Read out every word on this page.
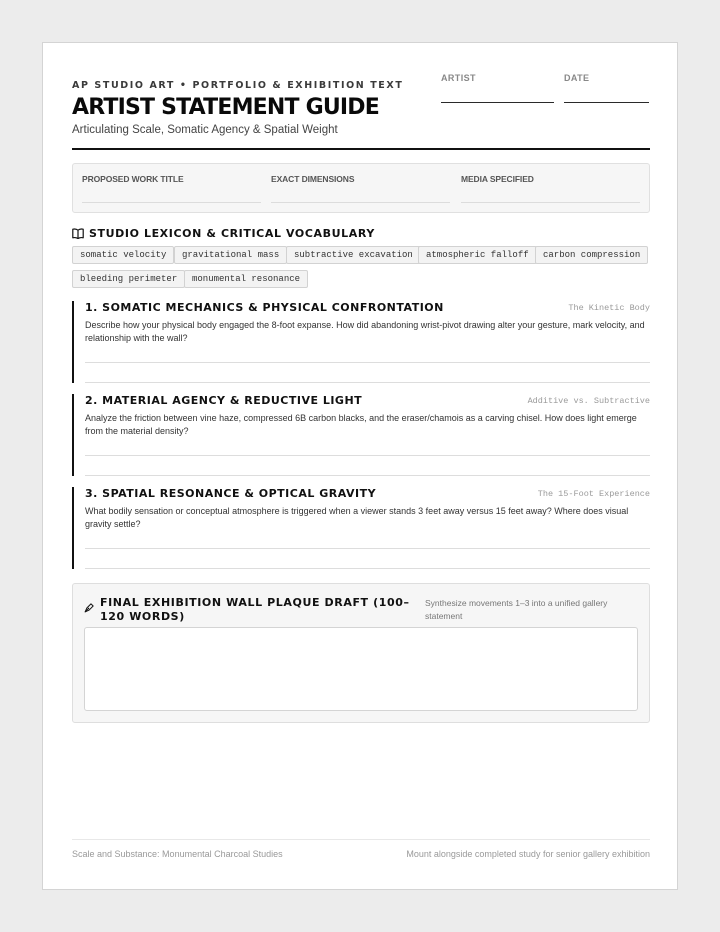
AP STUDIO ART • PORTFOLIO & EXHIBITION TEXT
ARTIST STATEMENT GUIDE
Articulating Scale, Somatic Agency & Spatial Weight
ARTIST	DATE
PROPOSED WORK TITLE	EXACT DIMENSIONS	MEDIA SPECIFIED
STUDIO LEXICON & CRITICAL VOCABULARY
somatic velocity	gravitational mass	subtractive excavation	atmospheric falloff	carbon compression
bleeding perimeter	monumental resonance
1. SOMATIC MECHANICS & PHYSICAL CONFRONTATION	The Kinetic Body
Describe how your physical body engaged the 8-foot expanse. How did abandoning wrist-pivot drawing alter your gesture, mark velocity, and relationship with the wall?
2. MATERIAL AGENCY & REDUCTIVE LIGHT	Additive vs. Subtractive
Analyze the friction between vine haze, compressed 6B carbon blacks, and the eraser/chamois as a carving chisel. How does light emerge from the material density?
3. SPATIAL RESONANCE & OPTICAL GRAVITY	The 15-Foot Experience
What bodily sensation or conceptual atmosphere is triggered when a viewer stands 3 feet away versus 15 feet away? Where does visual gravity settle?
FINAL EXHIBITION WALL PLAQUE DRAFT (100–120 WORDS)
Synthesize movements 1–3 into a unified gallery statement
Scale and Substance: Monumental Charcoal Studies	Mount alongside completed study for senior gallery exhibition
